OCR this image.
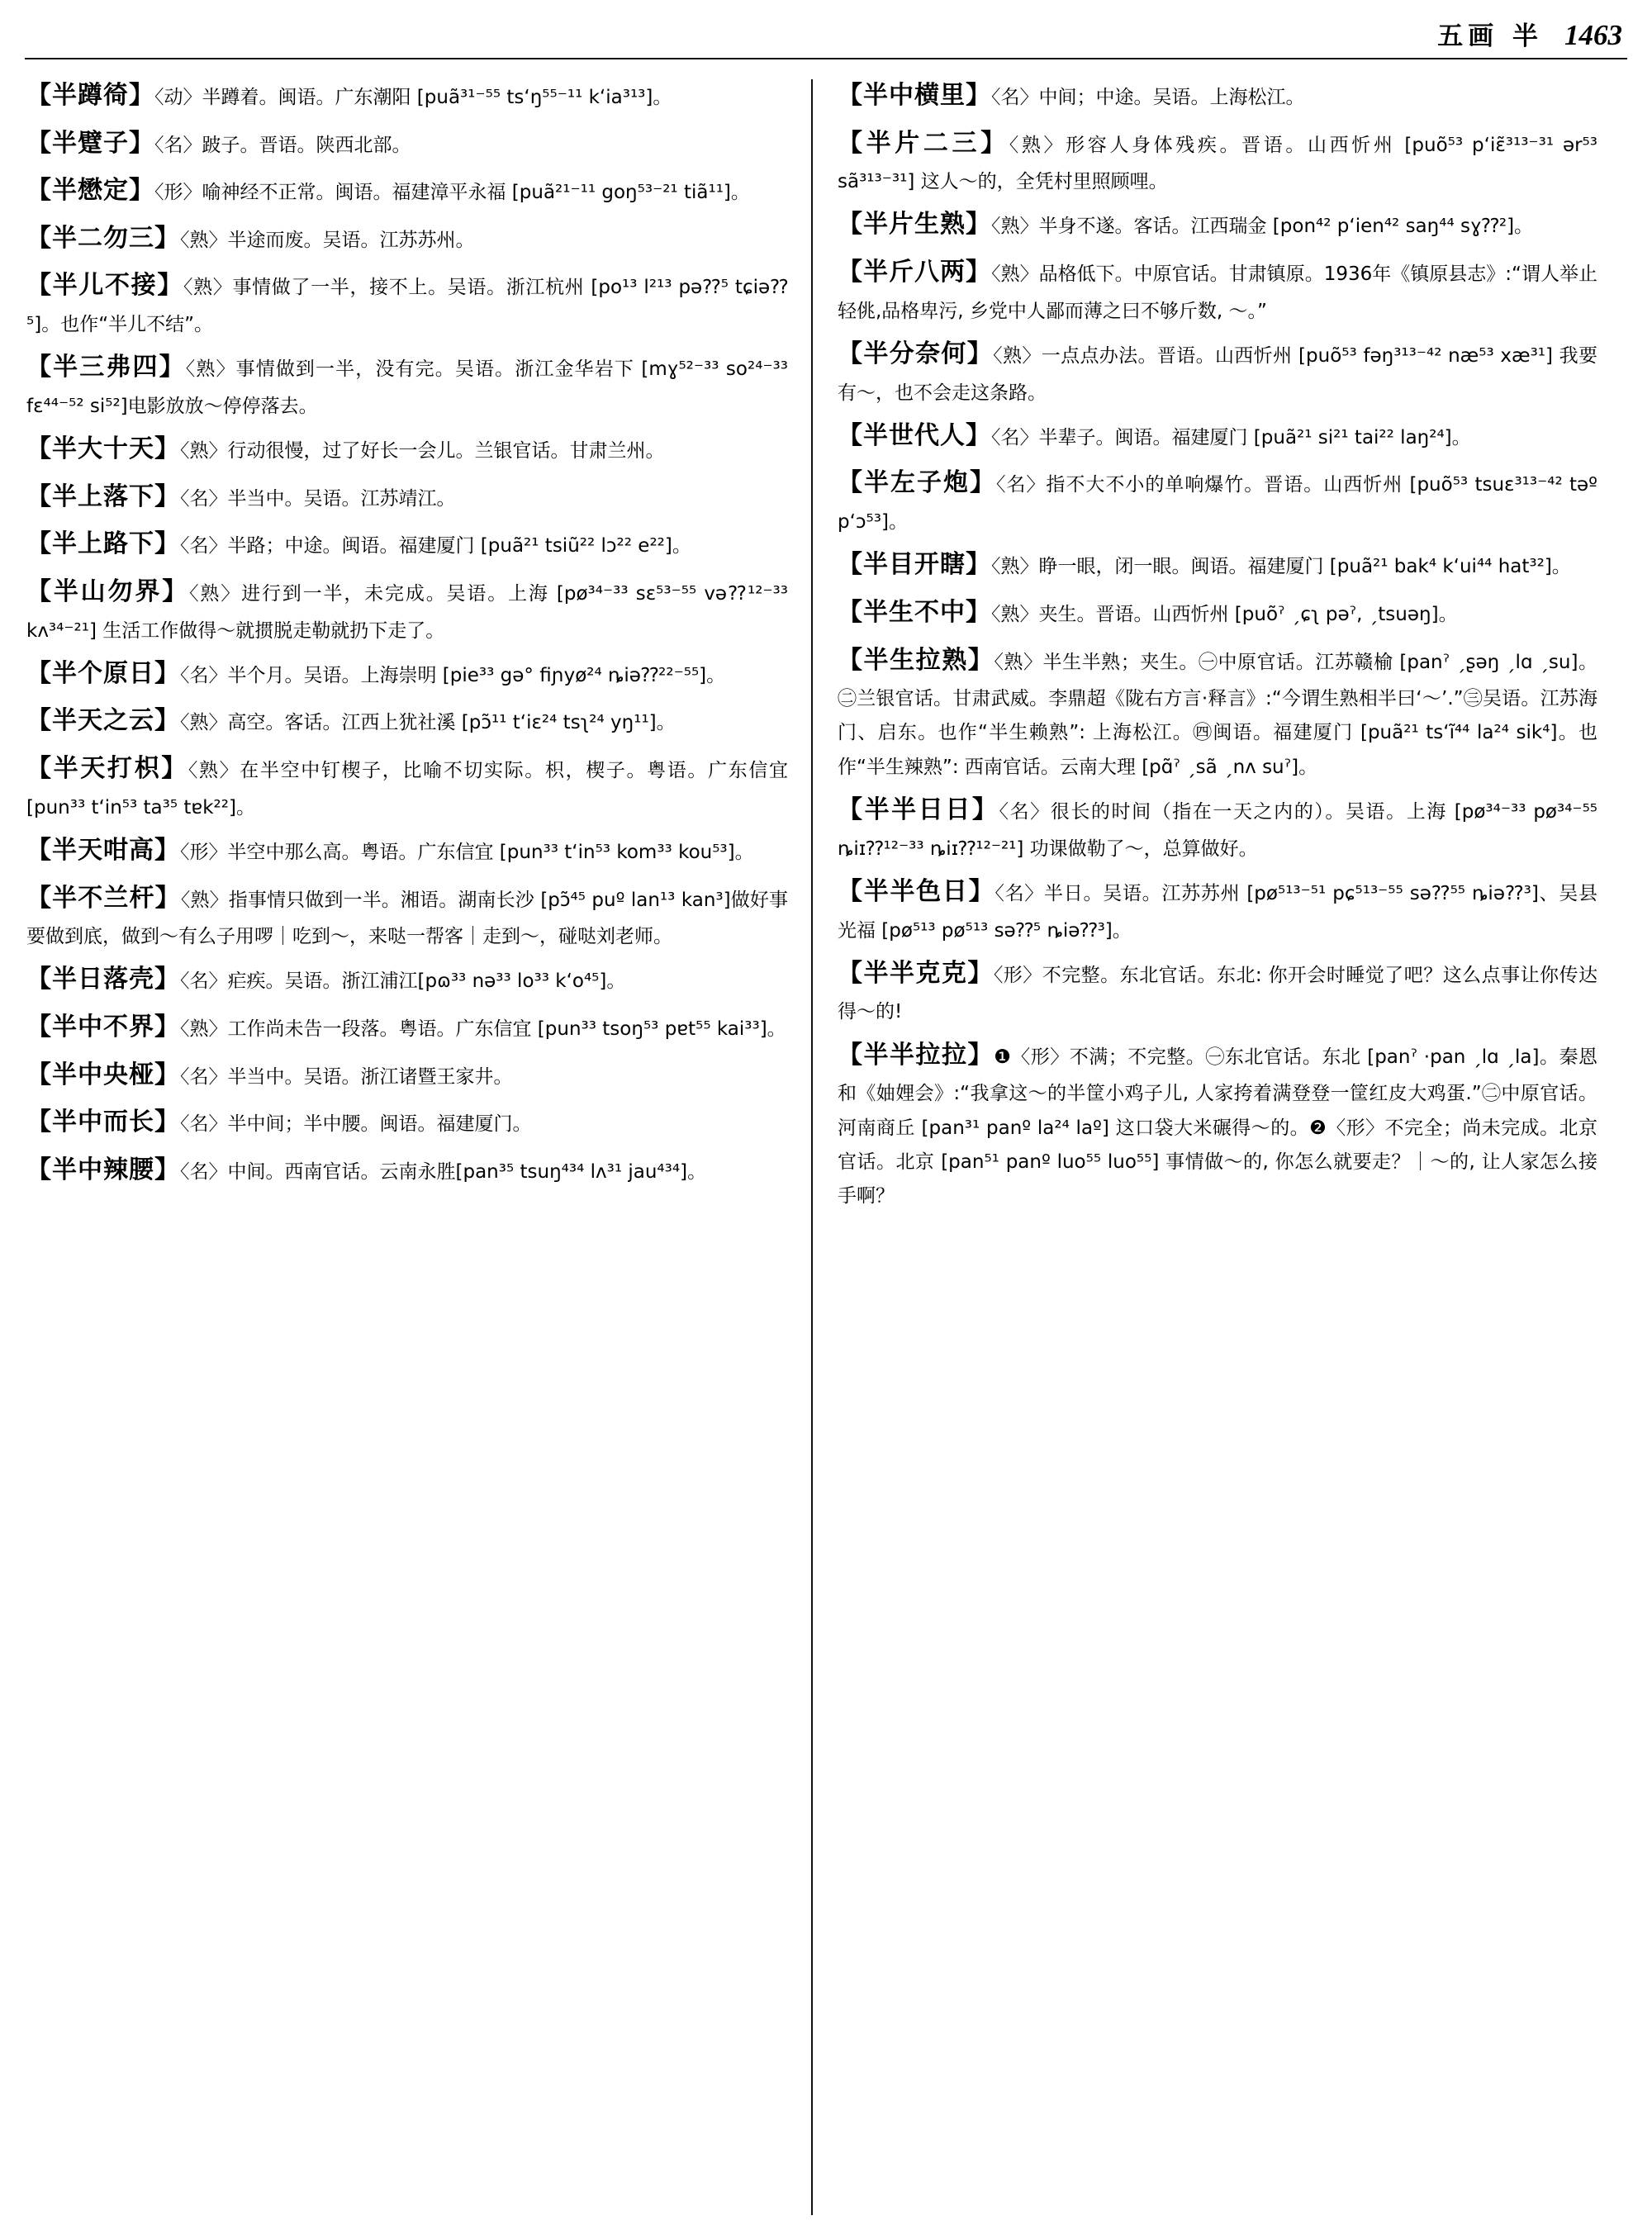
五画 半 1463
【半蹲徛】〈动〉半蹲着。闽语。广东潮阳 [puã³¹⁻⁵⁵ tsʻŋ⁵⁵⁻¹¹ kʻia³¹³]。
【半躄子】〈名〉跛子。晋语。陕西北部。
【半懋定】〈形〉喻神经不正常。闽语。福建漳平永福 [puã²¹⁻¹¹ goŋ⁵³⁻²¹ tiã¹¹]。
【半二勿三】〈熟〉半途而废。吴语。江苏苏州。
【半儿不接】〈熟〉事情做了一半，接不上。吴语。浙江杭州 [po¹³ l²¹³ pə⁇⁵ tɕiə⁇⁵]。也作“半儿不结”。
【半三弗四】〈熟〉事情做到一半，没有完。吴语。浙江金华岩下 [mɣ⁵²⁻³³ so²⁴⁻³³ fɛ⁴⁴⁻⁵² si⁵²]电影放放〜停停落去。
【半大十天】〈熟〉行动很慢，过了好长一会儿。兰银官话。甘肃兰州。
【半上落下】〈名〉半当中。吴语。江苏靖江。
【半上路下】〈名〉半路；中途。闽语。福建厦门 [puã²¹ tsiũ²² lɔ²² e²²]。
【半山勿界】〈熟〉进行到一半，未完成。吴语。上海 [pø³⁴⁻³³ sɛ⁵³⁻⁵⁵ və⁇¹²⁻³³ kʌ³⁴⁻²¹] 生活工作做得〜就掼脱走勒就扔下走了。
【半个原日】〈名〉半个月。吴语。上海崇明 [pie³³ gə° fiɲyø²⁴ ȵiə⁇²²⁻⁵⁵]。
【半天之云】〈熟〉高空。客话。江西上犹社溪 [pɔ̃¹¹ tʻiɛ²⁴ tsʅ²⁴ yŋ¹¹]。
【半天打枳】〈熟〉在半空中钉楔子，比喻不切实际。枳，楔子。粤语。广东信宜[pun³³ tʻin⁵³ ta³⁵ tɐk²²]。
【半天咁高】〈形〉半空中那么高。粤语。广东信宜 [pun³³ tʻin⁵³ kom³³ kou⁵³]。
【半不兰杆】〈熟〉指事情只做到一半。湘语。湖南长沙 [pɔ̃⁴⁵ puº lan¹³ kan³]做好事要做到底，做到〜有么子用啰｜吃到〜，来哒一帮客｜走到〜，碰哒刘老师。
【半日落壳】〈名〉疟疾。吴语。浙江浦江[pɷ³³ nə³³ lo³³ kʻo⁴⁵]。
【半中不界】〈熟〉工作尚未告一段落。粤语。广东信宜 [pun³³ tsoŋ⁵³ pɐt⁵⁵ kai³³]。
【半中央桠】〈名〉半当中。吴语。浙江诸暨王家井。
【半中而长】〈名〉半中间；半中腰。闽语。福建厦门。
【半中辣腰】〈名〉中间。西南官话。云南永胜[pan³⁵ tsuŋ⁴³⁴ lʌ³¹ jau⁴³⁴]。
【半中横里】〈名〉中间；中途。吴语。上海松江。
【半片二三】〈熟〉形容人身体残疾。晋语。山西忻州 [puõ⁵³ pʻiɛ̃³¹³⁻³¹ ər⁵³ sã³¹³⁻³¹] 这人〜的，全凭村里照顾哩。
【半片生熟】〈熟〉半身不遂。客话。江西瑞金 [pon⁴² pʻien⁴² saŋ⁴⁴ sɣ⁇²]。
【半斤八两】〈熟〉品格低下。中原官话。甘肃镇原。1936年《镇原县志》:“谓人举止轻佻,品格卑污, 乡党中人鄙而薄之曰不够斤数, 〜。”
【半分奈何】〈熟〉一点点办法。晋语。山西忻州 [puõ⁵³ fəŋ³¹³⁻⁴² næ⁵³ xæ³¹] 我要有〜，也不会走这条路。
【半世代人】〈名〉半辈子。闽语。福建厦门 [puã²¹ si²¹ tai²² laŋ²⁴]。
【半左子炮】〈名〉指不大不小的单响爆竹。晋语。山西忻州 [puõ⁵³ tsuɛ³¹³⁻⁴² təº pʻɔ⁵³]。
【半目开瞎】〈熟〉睁一眼，闭一眼。闽语。福建厦门 [puã²¹ bak⁴ kʻui⁴⁴ hat³²]。
【半生不中】〈熟〉夹生。晋语。山西忻州 [puõˀ ˏɕʅ pəˀ, ˏtsuəŋ]。
【半生拉熟】〈熟〉半生半熟；夹生。㊀中原官话。江苏赣榆 [panˀ ˏʂəŋ ˏlɑ ˏsu]。㊁兰银官话。甘肃武威。李鼎超《陇右方言·释言》:“今谓生熟相半曰‘〜’.”㊂吴语。江苏海门、启东。也作“半生赖熟”: 上海松江。㊃闽语。福建厦门 [puã²¹ tsʻĩ⁴⁴ la²⁴ sik⁴]。也作“半生辣熟”: 西南官话。云南大理 [pɑ̃ˀ ˏsã ˏnʌ suˀ]。
【半半日日】〈名〉很长的时间（指在一天之内的）。吴语。上海 [pø³⁴⁻³³ pø³⁴⁻⁵⁵ ȵiɪ⁇¹²⁻³³ ȵiɪ⁇¹²⁻²¹] 功课做勒了〜，总算做好。
【半半色日】〈名〉半日。吴语。江苏苏州 [pø⁵¹³⁻⁵¹ pɕ⁵¹³⁻⁵⁵ sə⁇⁵⁵ ȵiə⁇³]、吴县光福 [pø⁵¹³ pø⁵¹³ sə⁇⁵ ȵiə⁇³]。
【半半克克】〈形〉不完整。东北官话。东北: 你开会时睡觉了吧？这么点事让你传达得〜的!
【半半拉拉】❶〈形〉不满；不完整。㊀东北官话。东北 [panˀ ·pan ˏlɑ ˏla]。秦恩和《妯娌会》:“我拿这〜的半筐小鸡子儿, 人家挎着满登登一筐红皮大鸡蛋.”㊁中原官话。河南商丘 [pan³¹ panº la²⁴ laº] 这口袋大米碾得〜的。❷〈形〉不完全；尚未完成。北京官话。北京 [pan⁵¹ panº luo⁵⁵ luo⁵⁵] 事情做〜的, 你怎么就要走？｜〜的, 让人家怎么接手啊？
